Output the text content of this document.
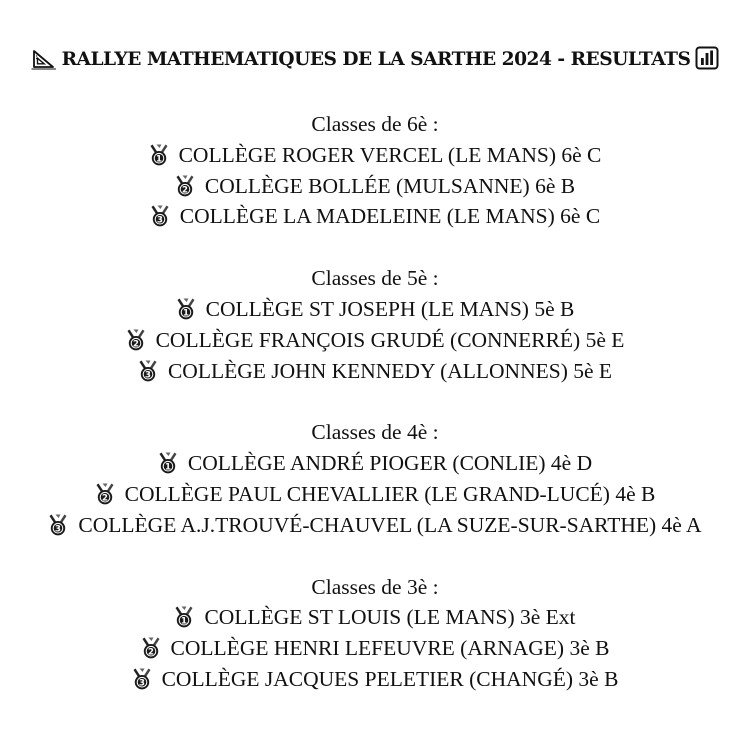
RALLYE MATHEMATIQUES DE LA SARTHE 2024 - RESULTATS
Classes de 6è :
1 COLLÈGE ROGER VERCEL (LE MANS) 6è C
2 COLLÈGE BOLLÉE (MULSANNE) 6è B
3 COLLÈGE LA MADELEINE (LE MANS) 6è C
Classes de 5è :
1 COLLÈGE ST JOSEPH (LE MANS) 5è B
2 COLLÈGE FRANÇOIS GRUDÉ (CONNERRÉ) 5è E
3 COLLÈGE JOHN KENNEDY (ALLONNES) 5è E
Classes de 4è :
1 COLLÈGE ANDRÉ PIOGER (CONLIE) 4è D
2 COLLÈGE PAUL CHEVALLIER (LE GRAND-LUCÉ) 4è B
3 COLLÈGE A.J.TROUVÉ-CHAUVEL (LA SUZE-SUR-SARTHE) 4è A
Classes de 3è :
1 COLLÈGE ST LOUIS (LE MANS) 3è Ext
2 COLLÈGE HENRI LEFEUVRE (ARNAGE) 3è B
3 COLLÈGE JACQUES PELETIER (CHANGÉ) 3è B
